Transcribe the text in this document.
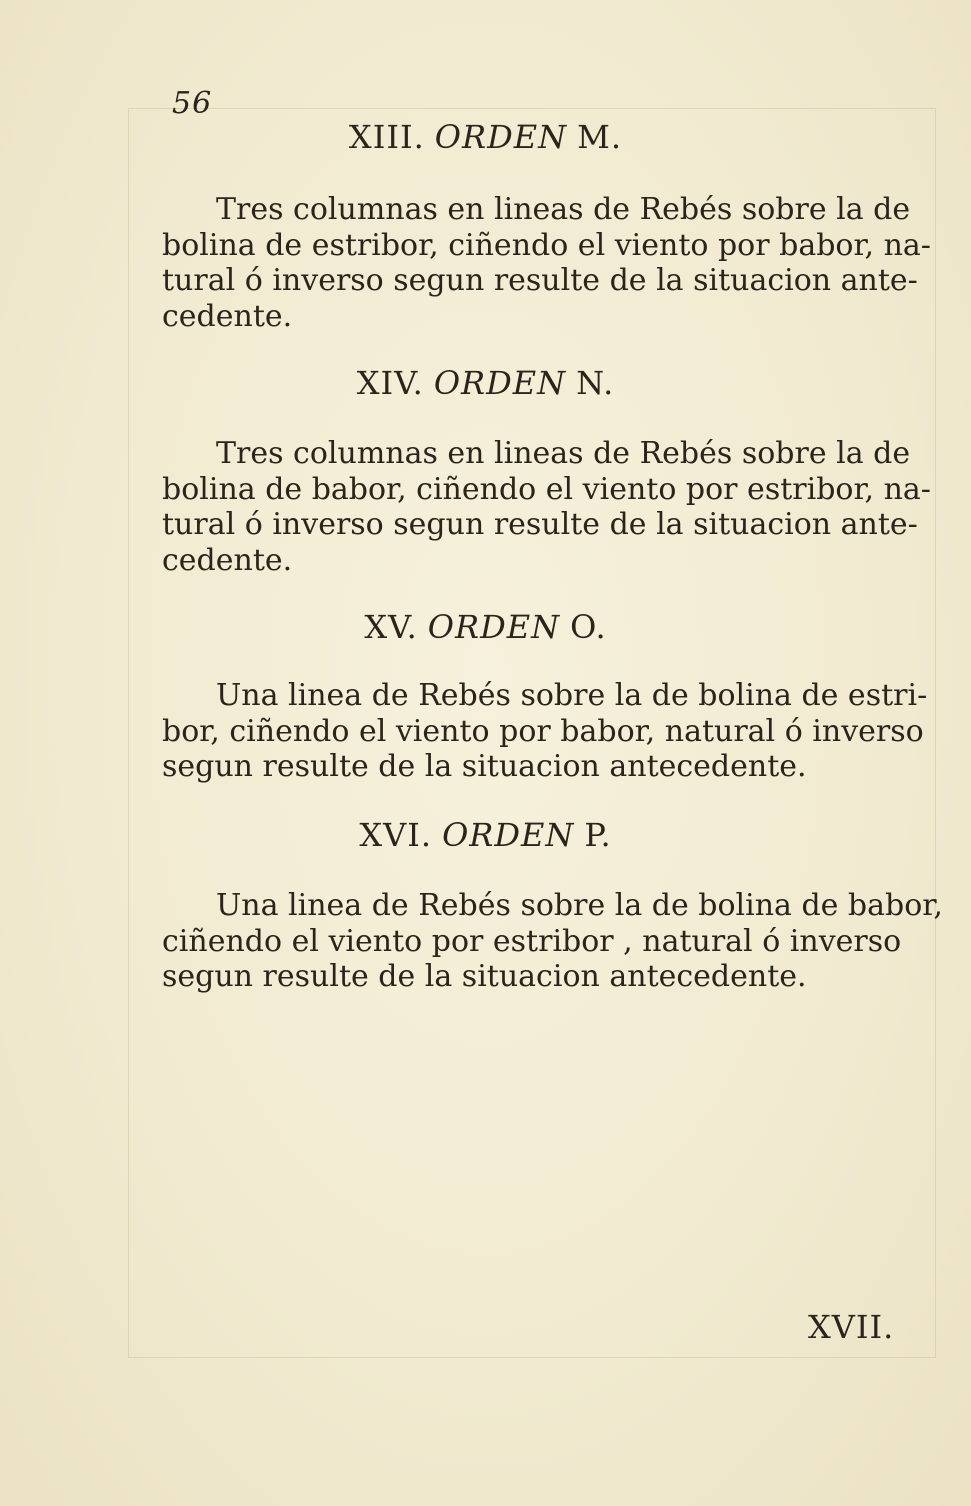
56
XIII. ORDEN M.
Tres columnas en lineas de Rebés sobre la de
bolina de estribor, ciñendo el viento por babor, na-
tural ó inverso segun resulte de la situacion ante-
cedente.
XIV. ORDEN N.
Tres columnas en lineas de Rebés sobre la de
bolina de babor, ciñendo el viento por estribor, na-
tural ó inverso segun resulte de la situacion ante-
cedente.
XV. ORDEN O.
Una linea de Rebés sobre la de bolina de estri-
bor, ciñendo el viento por babor, natural ó inverso
segun resulte de la situacion antecedente.
XVI. ORDEN P.
Una linea de Rebés sobre la de bolina de babor,
ciñendo el viento por estribor , natural ó inverso
segun resulte de la situacion antecedente.
XVII.
